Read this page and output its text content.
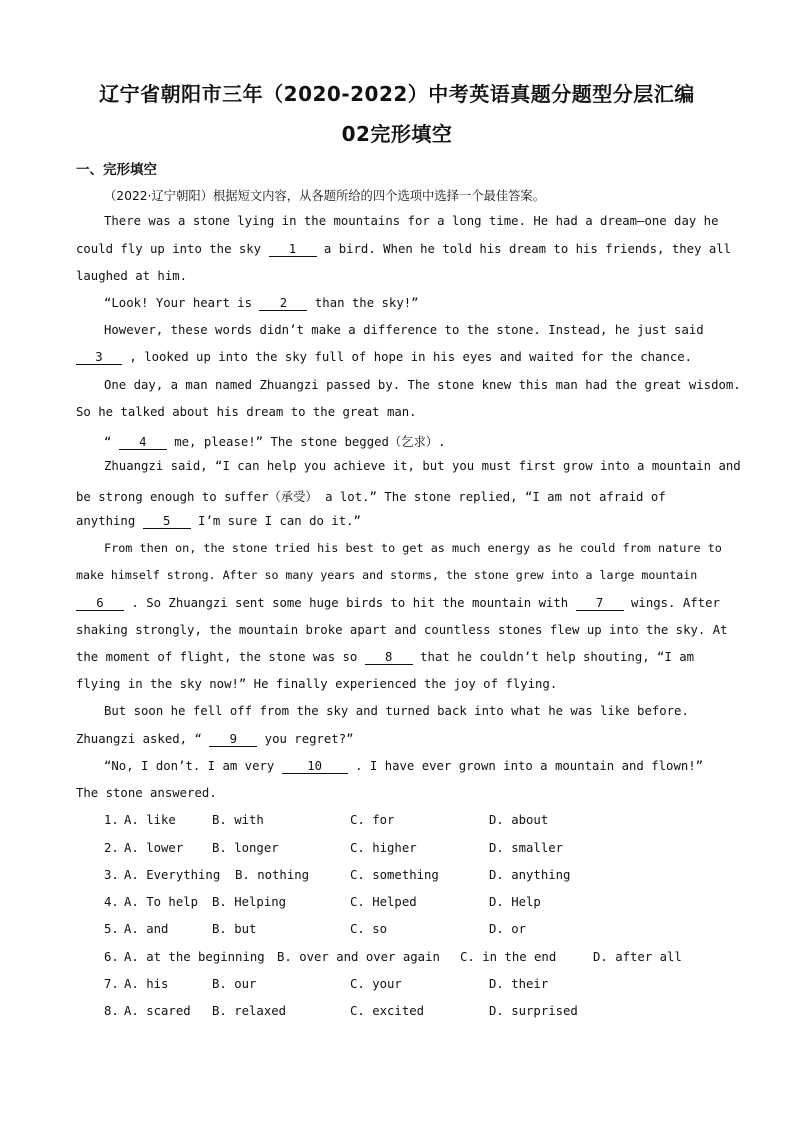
辽宁省朝阳市三年（2020-2022）中考英语真题分题型分层汇编
02完形填空
一、完形填空
（2022·辽宁朝阳）根据短文内容，从各题所给的四个选项中选择一个最佳答案。
There was a stone lying in the mountains for a long time. He had a dream—one day he
could fly up into the sky 1 a bird. When he told his dream to his friends, they all
laughed at him.
“Look! Your heart is 2 than the sky!”
However, these words didn’t make a difference to the stone. Instead, he just said
3 , looked up into the sky full of hope in his eyes and waited for the chance.
One day, a man named Zhuangzi passed by. The stone knew this man had the great wisdom.
So he talked about his dream to the great man.
“ 4 me, please!” The stone begged（乞求）.
Zhuangzi said, “I can help you achieve it, but you must first grow into a mountain and
be strong enough to suffer（承受） a lot.” The stone replied, “I am not afraid of
anything 5 I’m sure I can do it.”
From then on, the stone tried his best to get as much energy as he could from nature to
make himself strong. After so many years and storms, the stone grew into a large mountain
6 . So Zhuangzi sent some huge birds to hit the mountain with 7 wings. After
shaking strongly, the mountain broke apart and countless stones flew up into the sky. At
the moment of flight, the stone was so 8 that he couldn’t help shouting, “I am
flying in the sky now!” He finally experienced the joy of flying.
But soon he fell off from the sky and turned back into what he was like before.
Zhuangzi asked, “ 9 you regret?”
“No, I don’t. I am very	10	. I have ever grown into a mountain and flown!”
The stone answered.
1. A. like	B. with	C. for	D. about
2. A. lower B. longer	C. higher	D. smaller
3. A. Everything B. nothing	C. something	D. anything
4. A. To help B. Helping	C. Helped	D. Help
5. A. and	B. but	C. so	D. or
6. A. at the beginning B. over and over again C. in the end	D. after all
7. A. his	B. our	C. your	D. their
8. A. scared B. relaxed	C. excited	D. surprised
